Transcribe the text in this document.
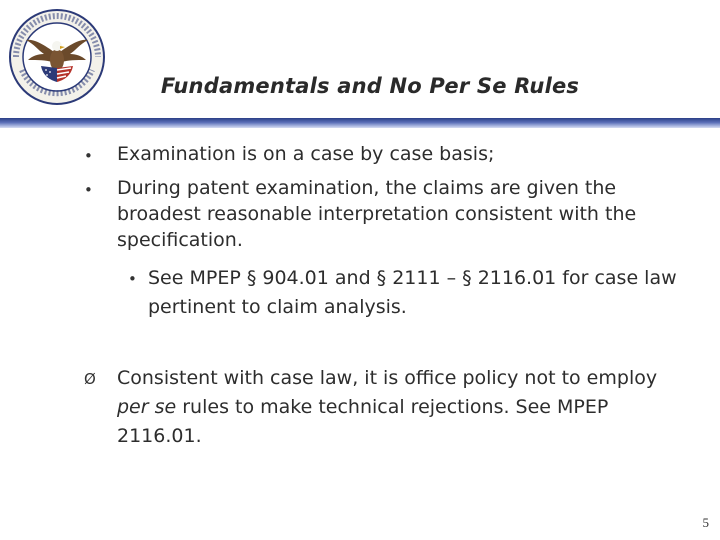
Fundamentals and No Per Se Rules
• Examination is on a case by case basis;
• During patent examination, the claims are given the broadest reasonable interpretation consistent with the specification.
• See MPEP § 904.01 and § 2111 – § 2116.01 for case law pertinent to claim analysis.
Ø Consistent with case law, it is office policy not to employ per se rules to make technical rejections. See MPEP 2116.01.
5
